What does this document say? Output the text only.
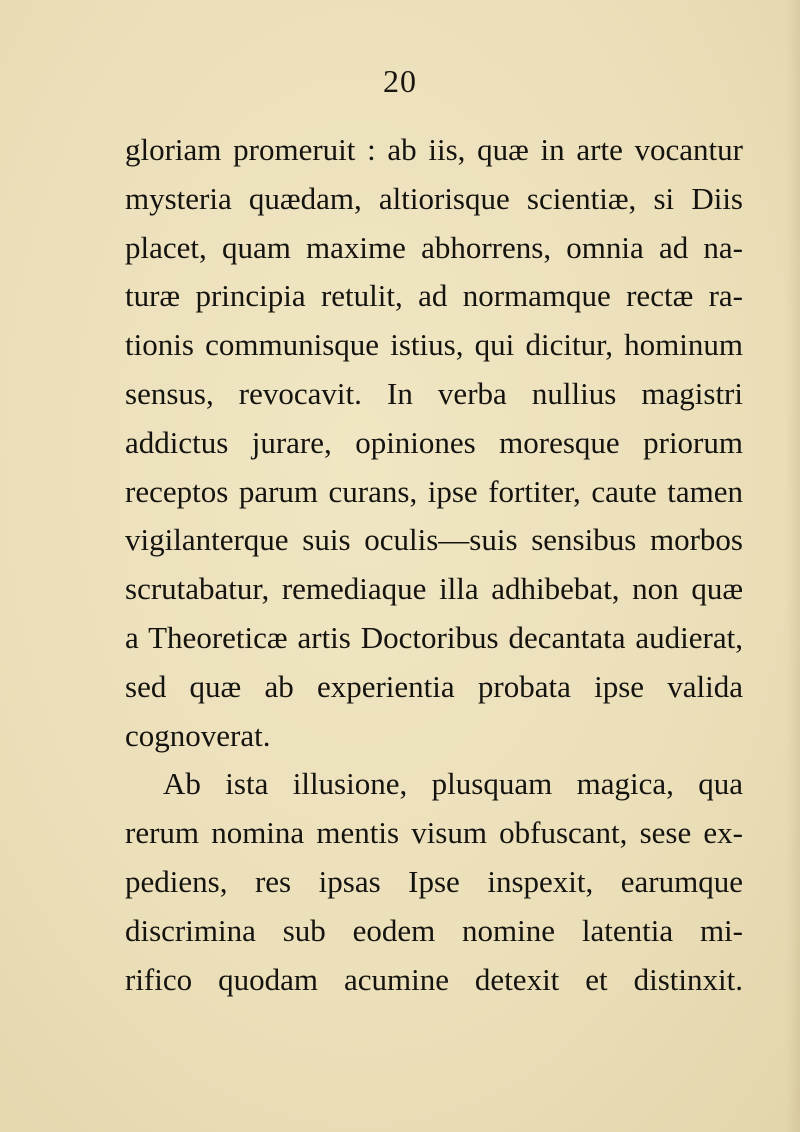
20
gloriam promeruit : ab iis, quæ in arte vocantur
mysteria quædam, altiorisque scientiæ, si Diis
placet, quam maxime abhorrens, omnia ad na-
turæ principia retulit, ad normamque rectæ ra-
tionis communisque istius, qui dicitur, hominum
sensus, revocavit. In verba nullius magistri
addictus jurare, opiniones moresque priorum
receptos parum curans, ipse fortiter, caute tamen
vigilanterque suis oculis—suis sensibus morbos
scrutabatur, remediaque illa adhibebat, non quæ
a Theoreticæ artis Doctoribus decantata audierat,
sed quæ ab experientia probata ipse valida
cognoverat.
Ab ista illusione, plusquam magica, qua
rerum nomina mentis visum obfuscant, sese ex-
pediens, res ipsas Ipse inspexit, earumque
discrimina sub eodem nomine latentia mi-
rifico quodam acumine detexit et distinxit.
